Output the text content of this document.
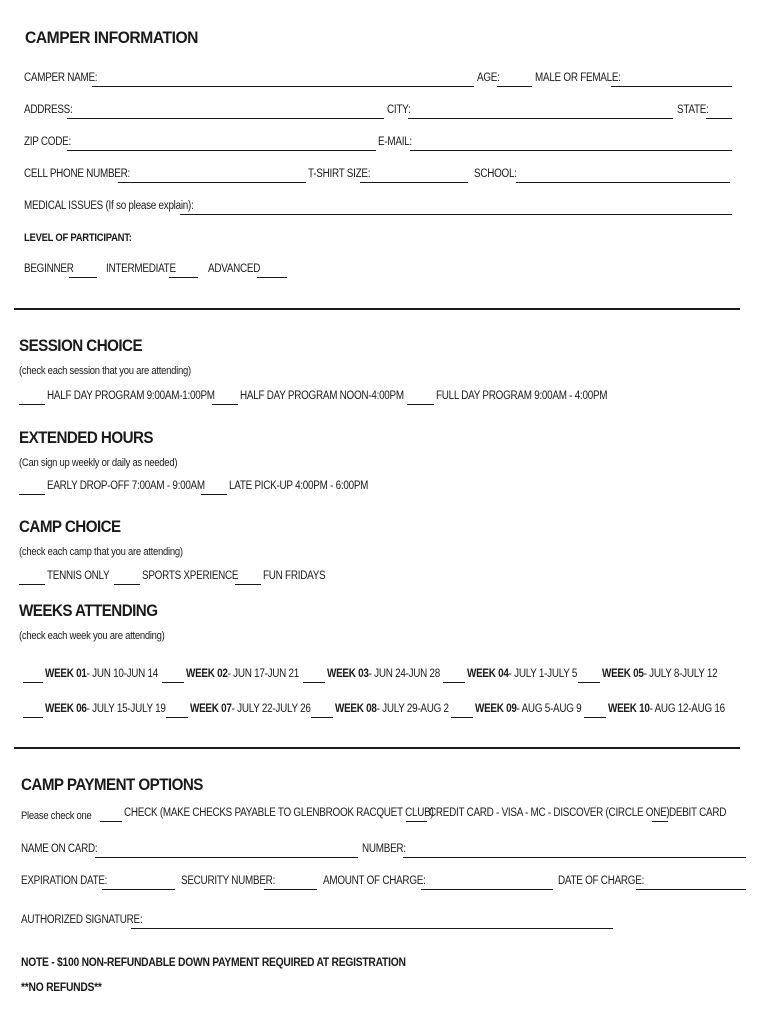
CAMPER INFORMATION
CAMPER NAME:	AGE:	MALE OR FEMALE:
ADDRESS:	CITY:	STATE:
ZIP CODE:	E-MAIL:
CELL PHONE NUMBER:	T-SHIRT SIZE:	SCHOOL:
MEDICAL ISSUES (If so please explain):
LEVEL OF PARTICIPANT:
BEGINNER	INTERMEDIATE	ADVANCED
SESSION CHOICE
(check each session that you are attending)
HALF DAY PROGRAM 9:00AM-1:00PM HALF DAY PROGRAM NOON-4:00PM	FULL DAY PROGRAM 9:00AM - 4:00PM
EXTENDED HOURS
(Can sign up weekly or daily as needed)
EARLY DROP-OFF 7:00AM - 9:00AM LATE PICK-UP 4:00PM - 6:00PM
CAMP CHOICE
(check each camp that you are attending)
TENNIS ONLY	SPORTS XPERIENCE FUN FRIDAYS
WEEKS ATTENDING
(check each week you are attending)
WEEK 01- JUN 10-JUN 14 WEEK 02- JUN 17-JUN 21 WEEK 03- JUN 24-JUN 28 WEEK 04- JULY 1-JULY 5 WEEK 05- JULY 8-JULY 12
WEEK 06- JULY 15-JULY 19 WEEK 07- JULY 22-JULY 26 WEEK 08- JULY 29-AUG 2 WEEK 09- AUG 5-AUG 9 WEEK 10- AUG 12-AUG 16
CAMP PAYMENT OPTIONS
Please check one	CHECK (MAKE CHECKS PAYABLE TO GLENBROOK RACQUET CLUB)
CREDIT CARD - VISA - MC - DISCOVER (CIRCLE ONE) DEBIT CARD
NAME ON CARD:	NUMBER:
EXPIRATION DATE:	SECURITY NUMBER:	AMOUNT OF CHARGE:	DATE OF CHARGE:
AUTHORIZED SIGNATURE:
NOTE - $100 NON-REFUNDABLE DOWN PAYMENT REQUIRED AT REGISTRATION
**NO REFUNDS**
